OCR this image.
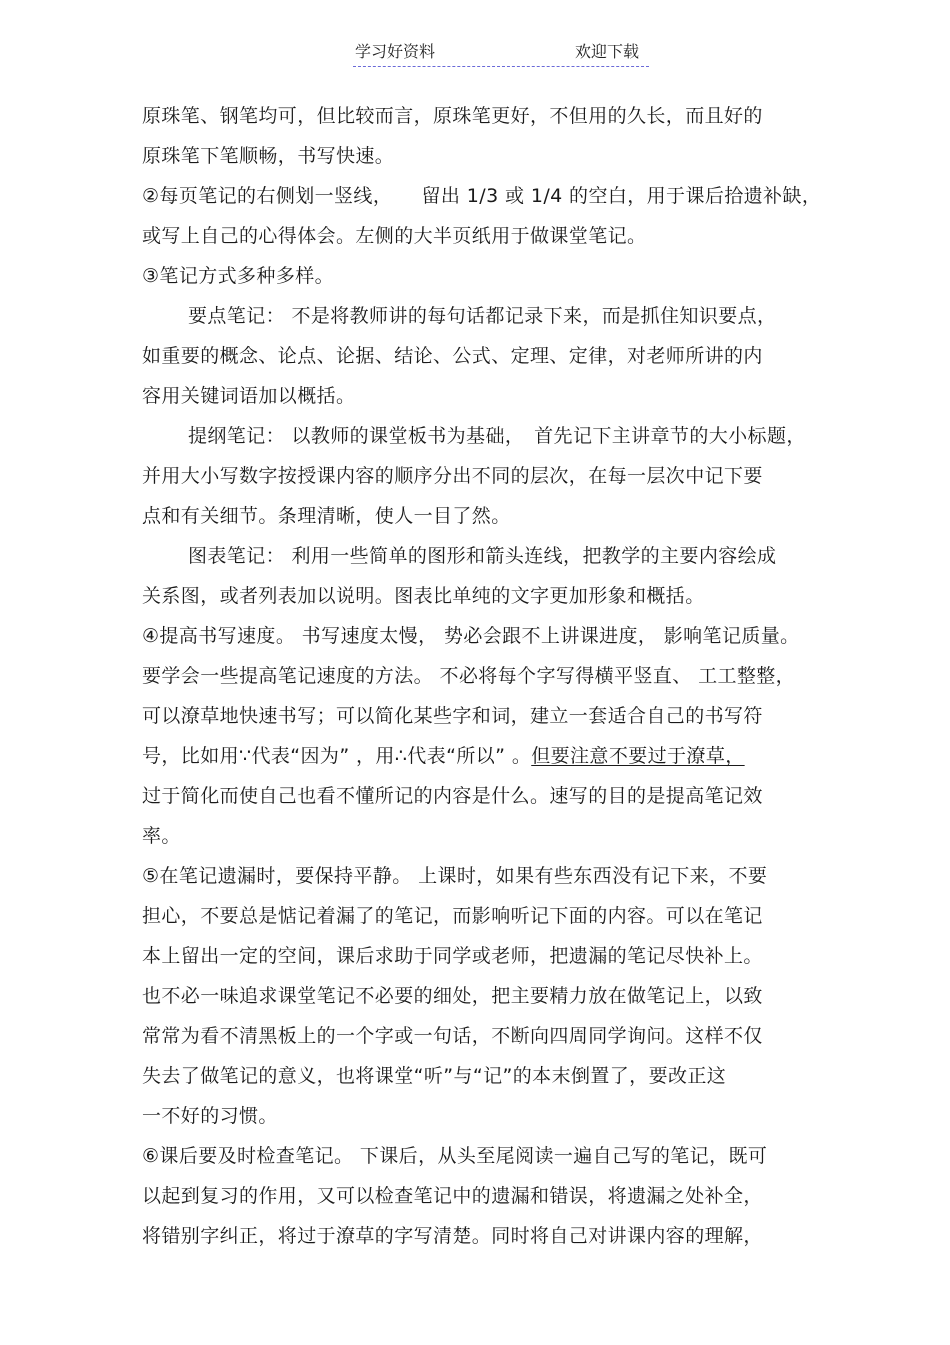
学习好资料	欢迎下载
原珠笔、钢笔均可，但比较而言，原珠笔更好，不但用的久长，而且好的
原珠笔下笔顺畅，书写快速。
②每页笔记的右侧划一竖线，　　留出 1/3 或 1/4 的空白，用于课后拾遗补缺，
或写上自己的心得体会。左侧的大半页纸用于做课堂笔记。
③笔记方式多种多样。
要点笔记： 不是将教师讲的每句话都记录下来，而是抓住知识要点，
如重要的概念、论点、论据、结论、公式、定理、定律，对老师所讲的内
容用关键词语加以概括。
提纲笔记： 以教师的课堂板书为基础，　首先记下主讲章节的大小标题，
并用大小写数字按授课内容的顺序分出不同的层次，在每一层次中记下要
点和有关细节。条理清晰，使人一目了然。
图表笔记： 利用一些简单的图形和箭头连线，把教学的主要内容绘成
关系图，或者列表加以说明。图表比单纯的文字更加形象和概括。
④提高书写速度。 书写速度太慢， 势必会跟不上讲课进度， 影响笔记质量。
要学会一些提高笔记速度的方法。 不必将每个字写得横平竖直、 工工整整，
可以潦草地快速书写；可以简化某些字和词，建立一套适合自己的书写符
号，比如用∵代表“因为” ，用∴代表“所以” 。但要注意不要过于潦草，
过于简化而使自己也看不懂所记的内容是什么。速写的目的是提高笔记效
率。
⑤在笔记遗漏时，要保持平静。 上课时，如果有些东西没有记下来，不要
担心，不要总是惦记着漏了的笔记，而影响听记下面的内容。可以在笔记
本上留出一定的空间，课后求助于同学或老师，把遗漏的笔记尽快补上。
也不必一味追求课堂笔记不必要的细处，把主要精力放在做笔记上，以致
常常为看不清黑板上的一个字或一句话，不断向四周同学询问。这样不仅
失去了做笔记的意义，也将课堂“听”与“记”的本末倒置了，要改正这
一不好的习惯。
⑥课后要及时检查笔记。 下课后，从头至尾阅读一遍自己写的笔记，既可
以起到复习的作用，又可以检查笔记中的遗漏和错误，将遗漏之处补全，
将错别字纠正，将过于潦草的字写清楚。同时将自己对讲课内容的理解，
